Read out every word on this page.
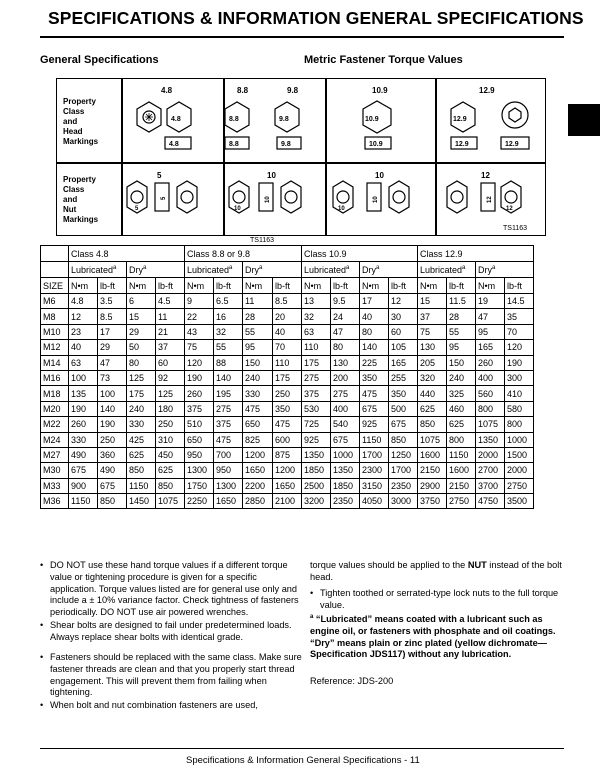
SPECIFICATIONS & INFORMATION GENERAL SPECIFICATIONS
General Specifications	Metric Fastener Torque Values
Property
Class
and
Head
Markings
Property
Class
and
Nut
Markings
4.8	8.8	9.8	10.9	12.9
5	10	10	12
4.8
4.8
8.8	9.8
8.8	9.8
10.9
10.9
12.9
12.9	12.9
5
5
10
10
10
10
12
12
TS1163
TS1163
	Class 4.8				Class 8.8 or 9.8				Class 10.9				Class 12.9			
	Lubricated$^a$		Dry$^a$		Lubricated$^a$		Dry$^a$		Lubricated$^a$		Dry$^a$		Lubricated$^a$		Dry$^a$
SIZE	N•m	lb-ft	N•m	lb-ft	N•m	lb-ft	N•m	lb-ft	N•m	lb-ft	N•m	lb-ft	N•m	lb-ft	N•m	lb-ft
M6	4.8	3.5	6	4.5	9	6.5	11	8.5	13	9.5	17	12	15	11.5	19	14.5
M8	12	8.5	15	11	22	16	28	20	32	24	40	30	37	28	47	35
M10	23	17	29	21	43	32	55	40	63	47	80	60	75	55	95	70
M12	40	29	50	37	75	55	95	70	110	80	140	105	130	95	165	120
M14	63	47	80	60	120	88	150	110	175	130	225	165	205	150	260	190
M16	100	73	125	92	190	140	240	175	275	200	350	255	320	240	400	300
M18	135	100	175	125	260	195	330	250	375	275	475	350	440	325	560	410
M20	190	140	240	180	375	275	475	350	530	400	675	500	625	460	800	580
M22	260	190	330	250	510	375	650	475	725	540	925	675	850	625	1075	800
M24	330	250	425	310	650	475	825	600	925	675	1150	850	1075	800	1350	1000
M27	490	360	625	450	950	700	1200	875	1350	1000	1700	1250	1600	1150	2000	1500
M30	675	490	850	625	1300	950	1650	1200	1850	1350	2300	1700	2150	1600	2700	2000
M33	900	675	1150	850	1750	1300	2200	1650	2500	1850	3150	2350	2900	2150	3700	2750
M36	1150	850	1450	1075	2250	1650	2850	2100	3200	2350	4050	3000	3750	2750	4750	3500
• DO NOT use these hand torque values if a different torque value or tightening procedure is given for a specific application. Torque values listed are for general use only and include a ± 10% variance factor. Check tightness of fasteners periodically. DO NOT use air powered wrenches.
• Shear bolts are designed to fail under predetermined loads. Always replace shear bolts with identical grade.
• Fasteners should be replaced with the same class. Make sure fastener threads are clean and that you properly start thread engagement. This will prevent them from failing when tightening.
• When bolt and nut combination fasteners are used,
torque values should be applied to the NUT instead of the bolt head.
• Tighten toothed or serrated-type lock nuts to the full torque value.
$^a$ “Lubricated” means coated with a lubricant such as engine oil, or fasteners with phosphate and oil coatings. “Dry” means plain or zinc plated (yellow dichromate—Specification JDS117) without any lubrication.
Reference: JDS-200
Specifications & Information General Specifications - 11
